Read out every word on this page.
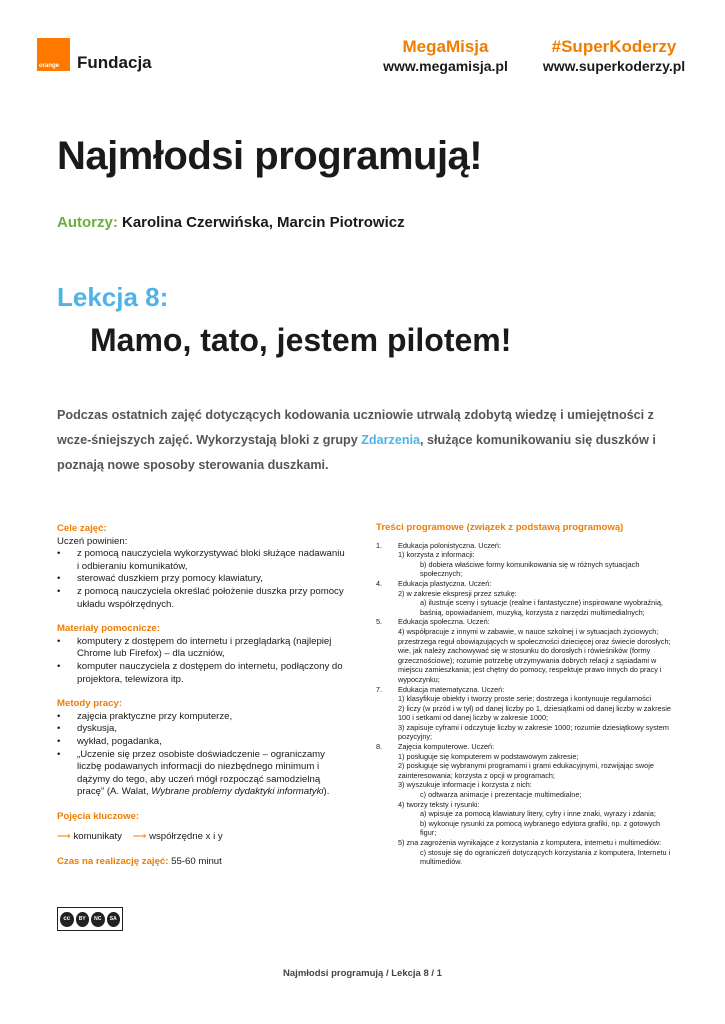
orange Fundacja
MegaMisja
www.megamisja.pl
#SuperKoderzy
www.superkoderzy.pl
Najmłodsi programują!
Autorzy: Karolina Czerwińska, Marcin Piotrowicz
Lekcja 8:
Mamo, tato, jestem pilotem!
Podczas ostatnich zajęć dotyczących kodowania uczniowie utrwalą zdobytą wiedzę i umiejętności z wcze-śniejszych zajęć. Wykorzystają bloki z grupy Zdarzenia, służące komunikowaniu się duszków i poznają nowe sposoby sterowania duszkami.
Cele zajęć:
Uczeń powinien:
• z pomocą nauczyciela wykorzystywać bloki służące nadawaniu i odbieraniu komunikatów,
• sterować duszkiem przy pomocy klawiatury,
• z pomocą nauczyciela określać położenie duszka przy pomocy układu współrzędnych.
Materiały pomocnicze:
• komputery z dostępem do internetu i przeglądarką (najlepiej Chrome lub Firefox) – dla uczniów,
• komputer nauczyciela z dostępem do internetu, podłączony do projektora, telewizora itp.
Metody pracy:
• zajęcia praktyczne przy komputerze,
• dyskusja,
• wykład, pogadanka,
• „Uczenie się przez osobiste doświadczenie – ograniczamy liczbę podawanych informacji do niezbędnego minimum i dążymy do tego, aby uczeń mógł rozpocząć samodzielną pracę” (A. Walat, Wybrane problemy dydaktyki informatyki).
Pojęcia kluczowe:
⟶ komunikaty ⟶ współrzędne x i y
Czas na realizację zajęć: 55-60 minut
cc	BY	NC	SA
Treści programowe (związek z podstawą programową)
1. Edukacja polonistyczna. Uczeń:
1) korzysta z informacji:
b) dobiera właściwe formy komunikowania się w różnych sytuacjach społecznych;
4. Edukacja plastyczna. Uczeń:
2) w zakresie ekspresji przez sztukę:
a) ilustruje sceny i sytuacje (realne i fantastyczne) inspirowane wyobraźnią, baśnią, opowiadaniem, muzyką, korzysta z narzędzi multimedialnych;
5. Edukacja społeczna. Uczeń:
4) współpracuje z innymi w zabawie, w nauce szkolnej i w sytuacjach życiowych; przestrzega reguł obowiązujących w społeczności dziecięcej oraz świecie dorosłych; wie, jak należy zachowywać się w stosunku do dorosłych i rówieśników (formy grzecznościowe); rozumie potrzebę utrzymywania dobrych relacji z sąsiadami w miejscu zamieszkania; jest chętny do pomocy, respektuje prawo innych do pracy i wypoczynku;
7. Edukacja matematyczna. Uczeń:
1) klasyfikuje obiekty i tworzy proste serie; dostrzega i kontynuuje regularności
2) liczy (w przód i w tył) od danej liczby po 1, dziesiątkami od danej liczby w zakresie 100 i setkami od danej liczby w zakresie 1000;
3) zapisuje cyframi i odczytuje liczby w zakresie 1000; rozumie dziesiątkowy system pozycyjny;
8. Zajęcia komputerowe. Uczeń:
1) posługuje się komputerem w podstawowym zakresie;
2) posługuje się wybranymi programami i grami edukacyjnymi, rozwijając swoje zainteresowania; korzysta z opcji w programach;
3) wyszukuje informacje i korzysta z nich:
c) odtwarza animacje i prezentacje multimedialne;
4) tworzy teksty i rysunki:
a) wpisuje za pomocą klawiatury litery, cyfry i inne znaki, wyrazy i zdania;
b) wykonuje rysunki za pomocą wybranego edytora grafiki, np. z gotowych figur;
5) zna zagrożenia wynikające z korzystania z komputera, internetu i multimediów:
c) stosuje się do ograniczeń dotyczących korzystania z komputera, Internetu i multimediów.
Najmłodsi programują / Lekcja 8 / 1
